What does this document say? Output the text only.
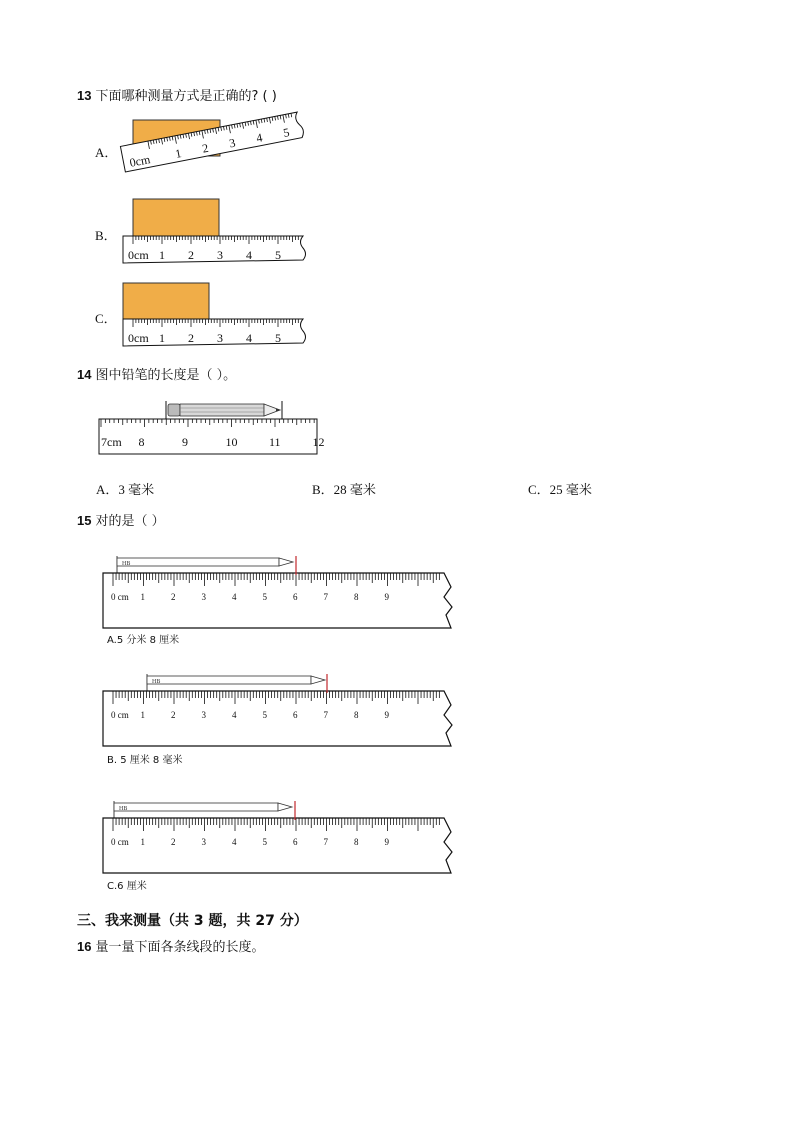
13 下面哪种测量方式是正确的? ( )
A． 0cm 1 2 3 4 5
B．
C．
0cm 1 2 3 4 5
0cm 1 2 3 4 5
14 图中铅笔的长度是（ ）。
7cm 8	9	10	11	12
A．3 毫米	B．28 毫米	C．25 毫米
15 对的是（ ）
0 cm 1	2	3	4	5	6	7	8	9
HB
0 cm 1	2	3	4	5	6	7	8	9
HB
0 cm 1	2	3	4	5	6	7	8	9
HB
A.5 分米 8 厘米
B. 5 厘米 8 毫米
C.6 厘米
三、我来测量（共 3 题，共 27 分）
16 量一量下面各条线段的长度。
